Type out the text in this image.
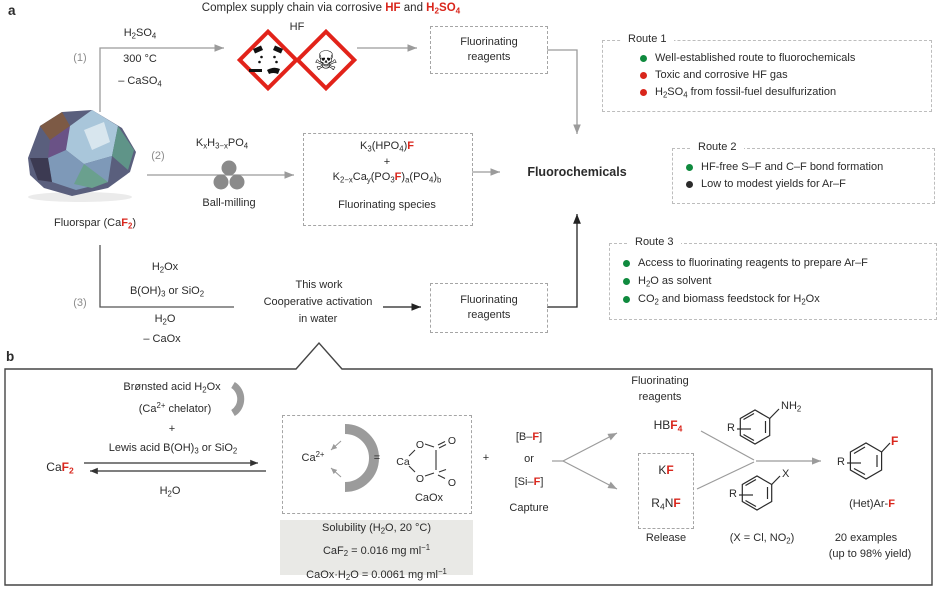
☠
Ca
O
O
O
O
a	Complex supply chain via corrosive HF and $H_2SO_4$
(1)
$H_2SO_4$
300 °C
– CaSO$_4$
HF
Fluorinating reagents
Fluorochemicals
(2)
$K_xH_{3-x}PO_4$
Ball-milling
$K_3(HPO_4)F$
+
$K_{2-x}Ca_y(PO_3F)_a(PO_4)_b$
Fluorinating species
Fluorspar (CaF$_2$)
(3)
$H_2Ox$
$B(OH)_3$ or SiO$_2$
$H_2O$
– CaOx
This work
Cooperative activation
in water
Fluorinating reagents
Route 1
Well-established route to fluorochemicals
Toxic and corrosive HF gas
$H_2SO_4$ from fossil-fuel desulfurization
Route 2
HF-free S–F and C–F bond formation
Low to modest yields for Ar–F
Route 3
Access to fluorinating reagents to prepare Ar–F
$H_2O$ as solvent
$CO_2$ and biomass feedstock for $H_2Ox$
b
Brønsted acid $H_2Ox$
($Ca^{2+}$ chelator)
+
Lewis acid $B(OH)_3$ or SiO$_2$
CaF$_2$
$H_2O$
$Ca^{2+}$	=
CaOx
Solubility ($H_2O$, 20 °C)
CaF$_2$ = 0.016 mg $ml^{-1}$
$CaOx\cdot H_2O = 0.0061$ mg $ml^{-1}$
+
[B–F]
or
[Si–F]
Capture
Fluorinating
reagents
$HBF_4$
KF
$R_4NF$
Release
$NH_2$
R
X
R
F
R
(Het)Ar-F
(X = Cl, $NO_2$)	20 examples
(up to 98% yield)
